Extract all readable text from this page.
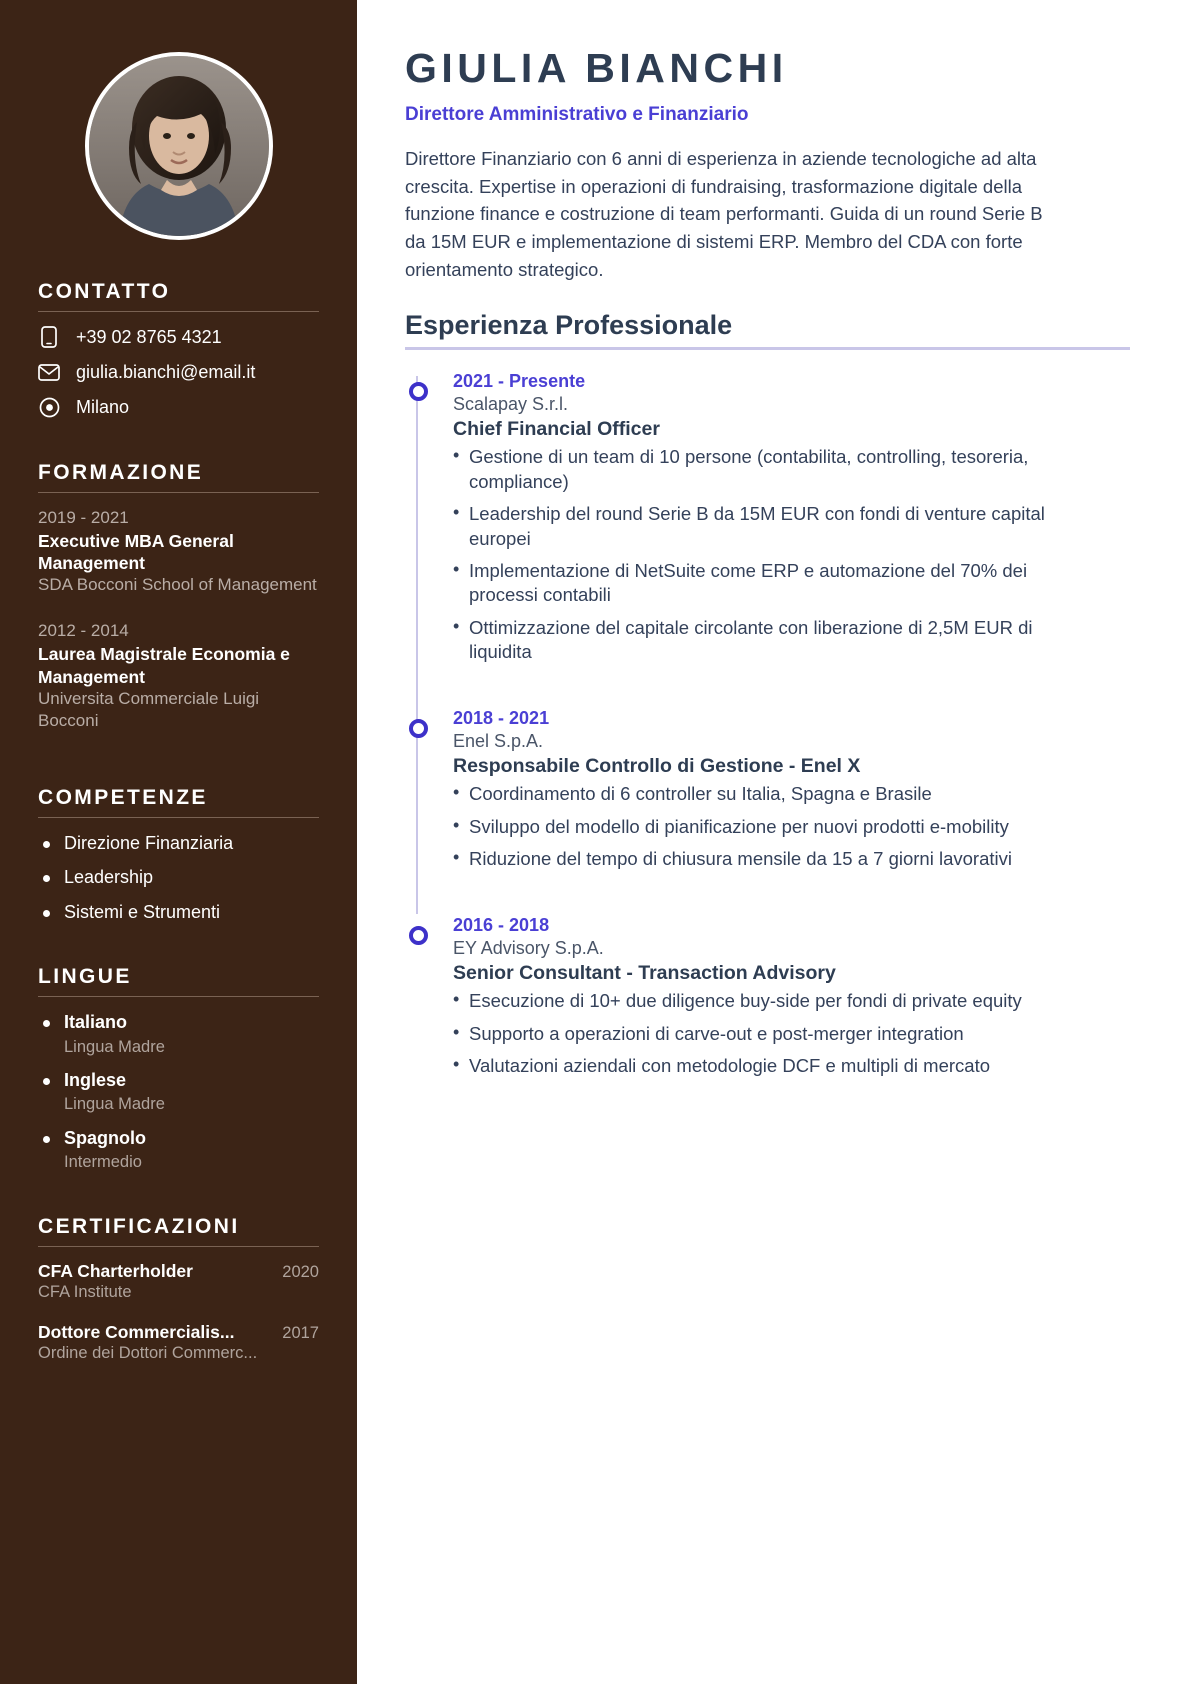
CONTATTO
+39 02 8765 4321
giulia.bianchi@email.it
Milano
FORMAZIONE
2019 - 2021
Executive MBA General Management
SDA Bocconi School of Management
2012 - 2014
Laurea Magistrale Economia e Management
Universita Commerciale Luigi Bocconi
COMPETENZE
Direzione Finanziaria
Leadership
Sistemi e Strumenti
LINGUE
Italiano
Lingua Madre
Inglese
Lingua Madre
Spagnolo
Intermedio
CERTIFICAZIONI
CFA Charterholder	2020
CFA Institute
Dottore Commercialis...	2017
Ordine dei Dottori Commerc...
GIULIA BIANCHI
Direttore Amministrativo e Finanziario

Direttore Finanziario con 6 anni di esperienza in aziende tecnologiche ad alta crescita. Expertise in operazioni di fundraising, trasformazione digitale della funzione finance e costruzione di team performanti. Guida di un round Serie B da 15M EUR e implementazione di sistemi ERP. Membro del CDA con forte orientamento strategico.

Esperienza Professionale
2021 - Presente
Scalapay S.r.l.
Chief Financial Officer
• Gestione di un team di 10 persone (contabilita, controlling, tesoreria, compliance)
• Leadership del round Serie B da 15M EUR con fondi di venture capital europei
• Implementazione di NetSuite come ERP e automazione del 70% dei processi contabili
• Ottimizzazione del capitale circolante con liberazione di 2,5M EUR di liquidita
2018 - 2021
Enel S.p.A.
Responsabile Controllo di Gestione - Enel X
• Coordinamento di 6 controller su Italia, Spagna e Brasile
• Sviluppo del modello di pianificazione per nuovi prodotti e-mobility
• Riduzione del tempo di chiusura mensile da 15 a 7 giorni lavorativi
2016 - 2018
EY Advisory S.p.A.
Senior Consultant - Transaction Advisory
• Esecuzione di 10+ due diligence buy-side per fondi di private equity
• Supporto a operazioni di carve-out e post-merger integration
• Valutazioni aziendali con metodologie DCF e multipli di mercato
